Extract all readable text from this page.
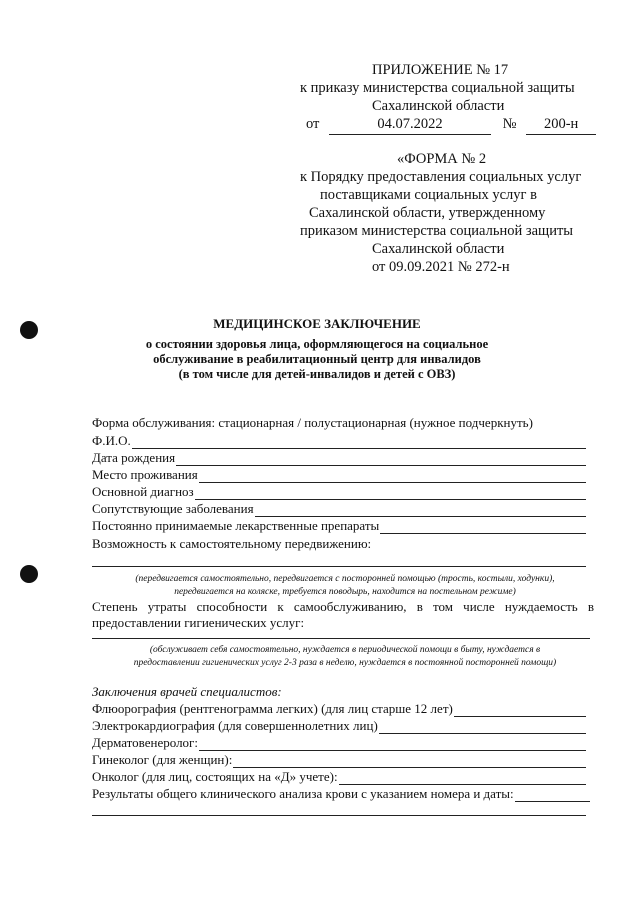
ПРИЛОЖЕНИЕ № 17
к приказу министерства социальной защиты
Сахалинской области
от	04.07.2022	№ 200-н
«ФОРМА № 2
к Порядку предоставления социальных услуг
поставщиками социальных услуг в
Сахалинской области, утвержденному
приказом министерства социальной защиты
Сахалинской области
от 09.09.2021 № 272-н
МЕДИЦИНСКОЕ ЗАКЛЮЧЕНИЕ
о состоянии здоровья лица, оформляющегося на социальное
обслуживание в реабилитационный центр для инвалидов
(в том числе для детей-инвалидов и детей с ОВЗ)
Форма обслуживания: стационарная / полустационарная (нужное подчеркнуть)
Ф.И.О.
Дата рождения
Место проживания
Основной диагноз
Сопутствующие заболевания
Постоянно принимаемые лекарственные препараты
Возможность к самостоятельному передвижению:
(передвигается самостоятельно, передвигается с посторонней помощью (трость, костыли, ходунки),
передвигается на коляске, требуется поводырь, находится на постельном режиме)
Степень утраты способности к самообслуживанию, в том числе нуждаемость в предоставлении гигиенических услуг:
(обслуживает себя самостоятельно, нуждается в периодической помощи в быту, нуждается в
предоставлении гигиенических услуг 2-3 раза в неделю, нуждается в постоянной посторонней помощи)
Заключения врачей специалистов:
Флюорография (рентгенограмма легких) (для лиц старше 12 лет)
Электрокардиография (для совершеннолетних лиц)
Дерматовенеролог:
Гинеколог (для женщин):
Онколог (для лиц, состоящих на «Д» учете):
Результаты общего клинического анализа крови с указанием номера и даты:
